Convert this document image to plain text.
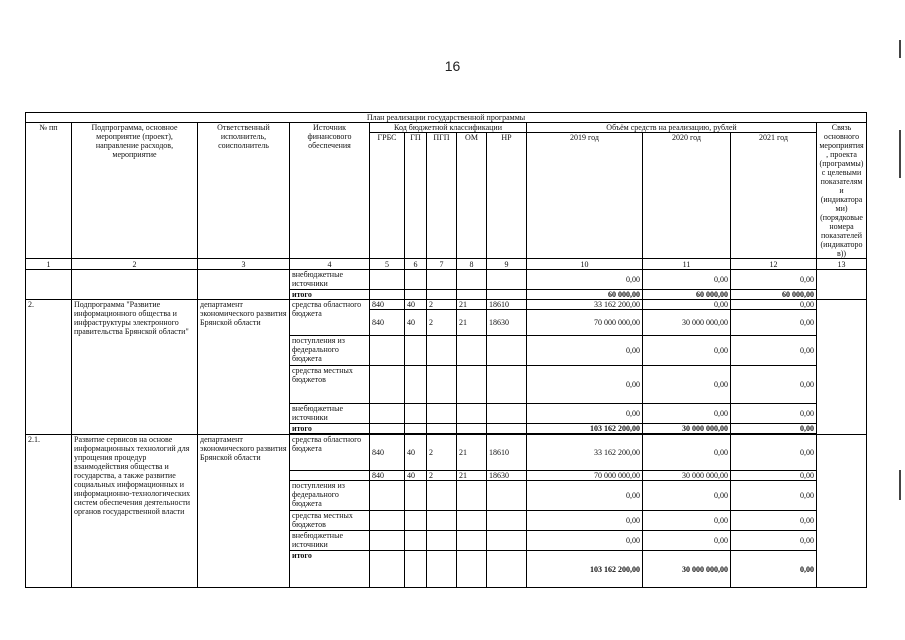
16
План реализации государственной программы													
№ пп	Подпрограмма, основное мероприятие (проект), направление расходов, мероприятие	Ответственный исполнитель, соисполнитель	Источник финансового обеспечения	Код бюджетной классификации					Объём средств на реализацию, рублей			Связь основного мероприятия, проекта (программы) с целевыми показателями (индикаторами) (порядковые номера показателей (индикаторов))	
				ГРБС	ГП	ПГП	ОМ	НР	2019 год	2020 год	2021 год		

1	2	3	4	5	6	7	8	9	10	11	12	13	
			внебюджетные источники						0,00	0,00	0,00		
			итого						60 000,00	60 000,00	60 000,00		
2.	Подпрограмма "Развитие информационного общества и инфраструктуры электронного правительства Брянской области"	департамент экономического развития Брянской области	средства областного бюджета	840	40	2	21	18610	33 162 200,00	0,00	0,00		
				840	40	2	21	18630	70 000 000,00	30 000 000,00	0,00		
			поступления из федерального бюджета						0,00	0,00	0,00		
			средства местных бюджетов						0,00	0,00	0,00		
			внебюджетные источники						0,00	0,00	0,00		
			итого						103 162 200,00	30 000 000,00	0,00		

2.1.	Развитие сервисов на основе информационных технологий для упрощения процедур взаимодействия общества и государства, а также развитие социальных информационных и информационно-технологических систем обеспечения деятельности органов государственной власти	департамент экономического развития Брянской области	средства областного бюджета	840	40	2	21	18610	33 162 200,00	0,00	0,00		
				840	40	2	21	18630	70 000 000,00	30 000 000,00	0,00		
			поступления из федерального бюджета						0,00	0,00	0,00		
			средства местных бюджетов						0,00	0,00	0,00		
			внебюджетные источники						0,00	0,00	0,00		
			итого						103 162 200,00	30 000 000,00	0,00	
